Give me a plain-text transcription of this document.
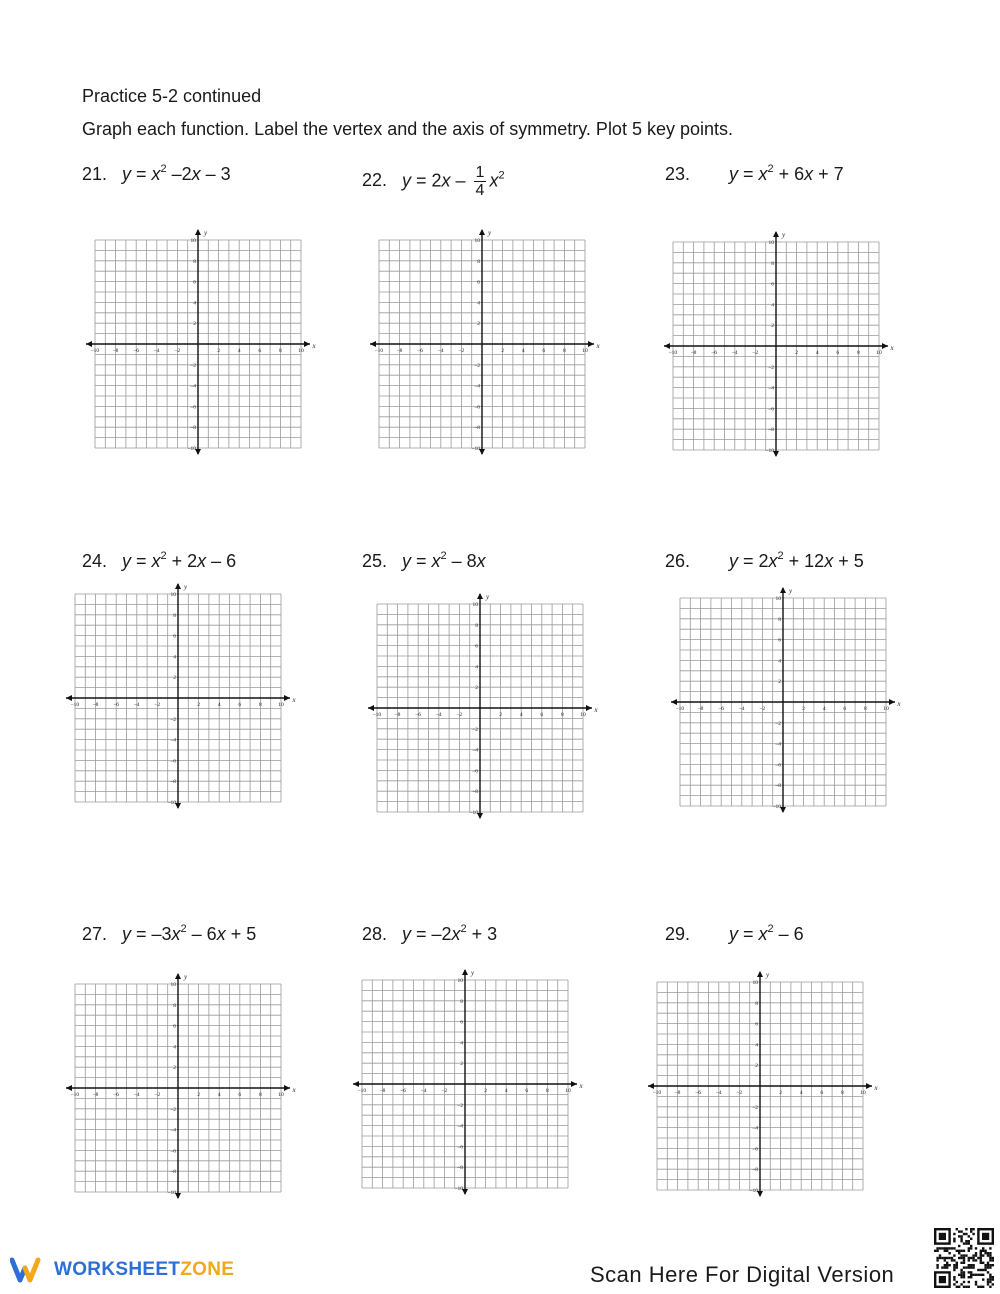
Practice 5-2 continued
Graph each function. Label the vertex and the axis of symmetry. Plot 5 key points.
21. $y = x^2$ –2x – 3
–10 –8	–6	–4	–2	2	4	6	8	10
10
8
6
4
2
–2
–4
–6
–8
–10
x
y
22. $y = 2x - \frac{1}{4} x^2$
–10 –8	–6	–4	–2	2	4	6	8	10
10
8
6
4
2
–2
–4
–6
–8
–10
x
y
23. $y = x^2 + 6x + 7$
–10 –8	–6	–4	–2	2	4	6	8	10
10
8
6
4
2
–2
–4
–6
–8
–10
x
y
24. $y = x^2 + 2x - 6$
–10 –8	–6	–4	–2	2	4	6	8	10
10
8
6
4
2
–2
–4
–6
–8
–10
x
y
25. $y = x^2 - 8x$
–10 –8	–6	–4	–2	2	4	6	8	10
10
8
6
4
2
–2
–4
–6
–8
–10
x
y
26. $y = 2x^2 + 12x + 5$
–10 –8	–6	–4	–2	2	4	6	8	10
10
8
6
4
2
–2
–4
–6
–8
–10
x
y
27. $y = -3x^2 - 6x + 5$
–10 –8	–6	–4	–2	2	4	6	8	10
10
8
6
4
2
–2
–4
–6
–8
–10
x
y
28. $y = -2x^2 + 3$
–10 –8	–6	–4	–2	2	4	6	8	10
10
8
6
4
2
–2
–4
–6
–8
–10
x
y
29. $y = x^2 - 6$
–10 –8	–6	–4	–2	2	4	6	8	10
10
8
6
4
2
–2
–4
–6
–8
–10
x
y
WORKSHEETZONE	Scan Here For Digital Version
